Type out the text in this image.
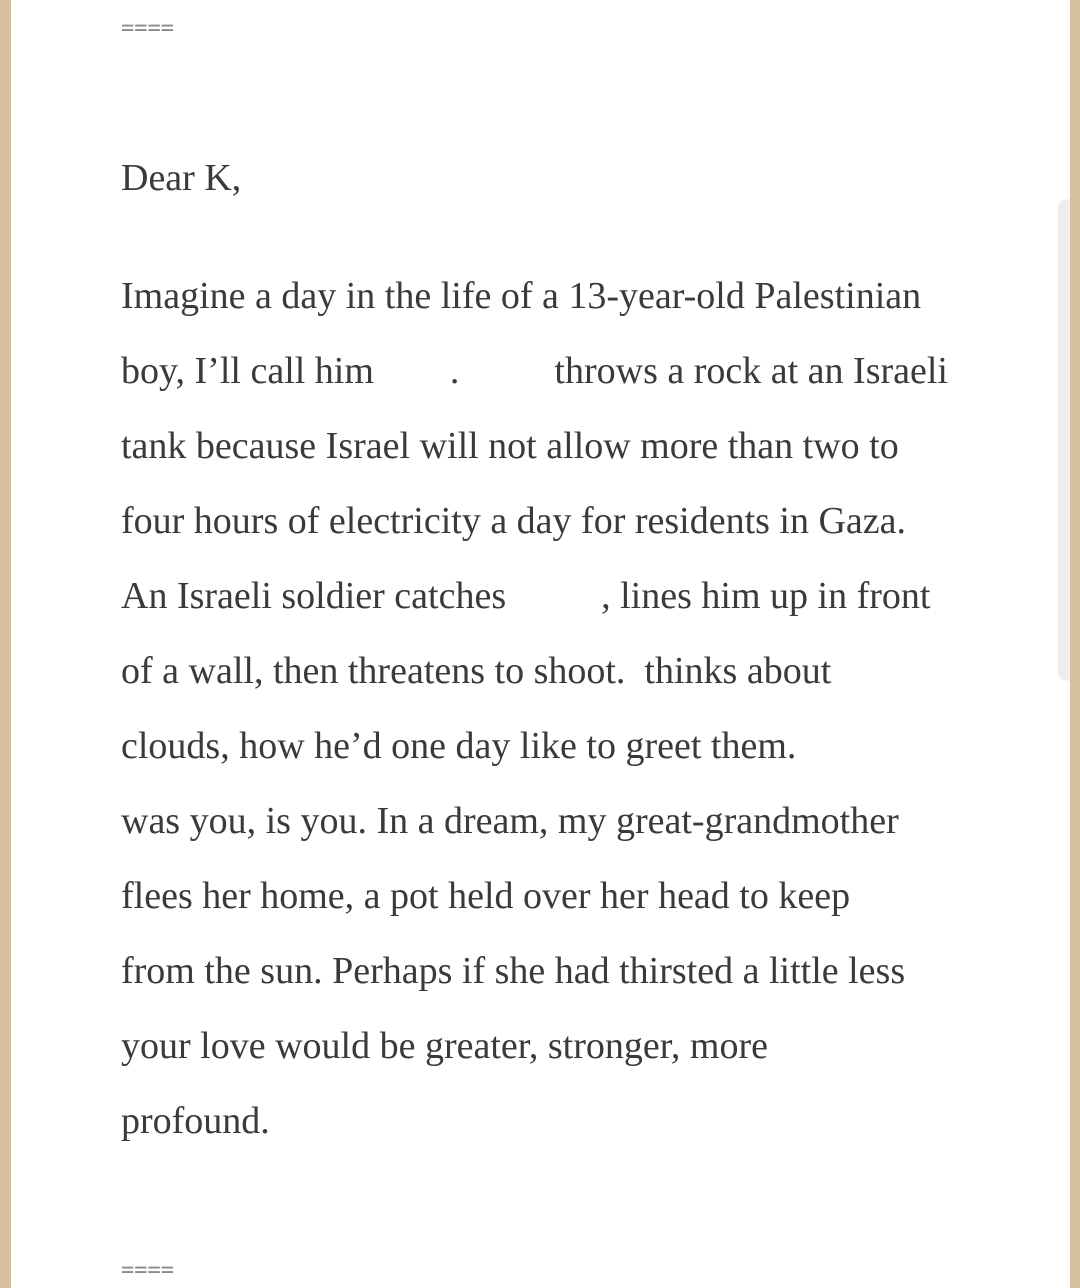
====

Dear K,

Imagine a day in the life of a 13-year-old Palestinian

boy, I’ll call him        .          throws a rock at an Israeli

tank because Israel will not allow more than two to

four hours of electricity a day for residents in Gaza.

An Israeli soldier catches          , lines him up in front

of a wall, then threatens to shoot.  thinks about

clouds, how he’d one day like to greet them.

was you, is you. In a dream, my great-grandmother

flees her home, a pot held over her head to keep

from the sun. Perhaps if she had thirsted a little less

your love would be greater, stronger, more

profound.

====
